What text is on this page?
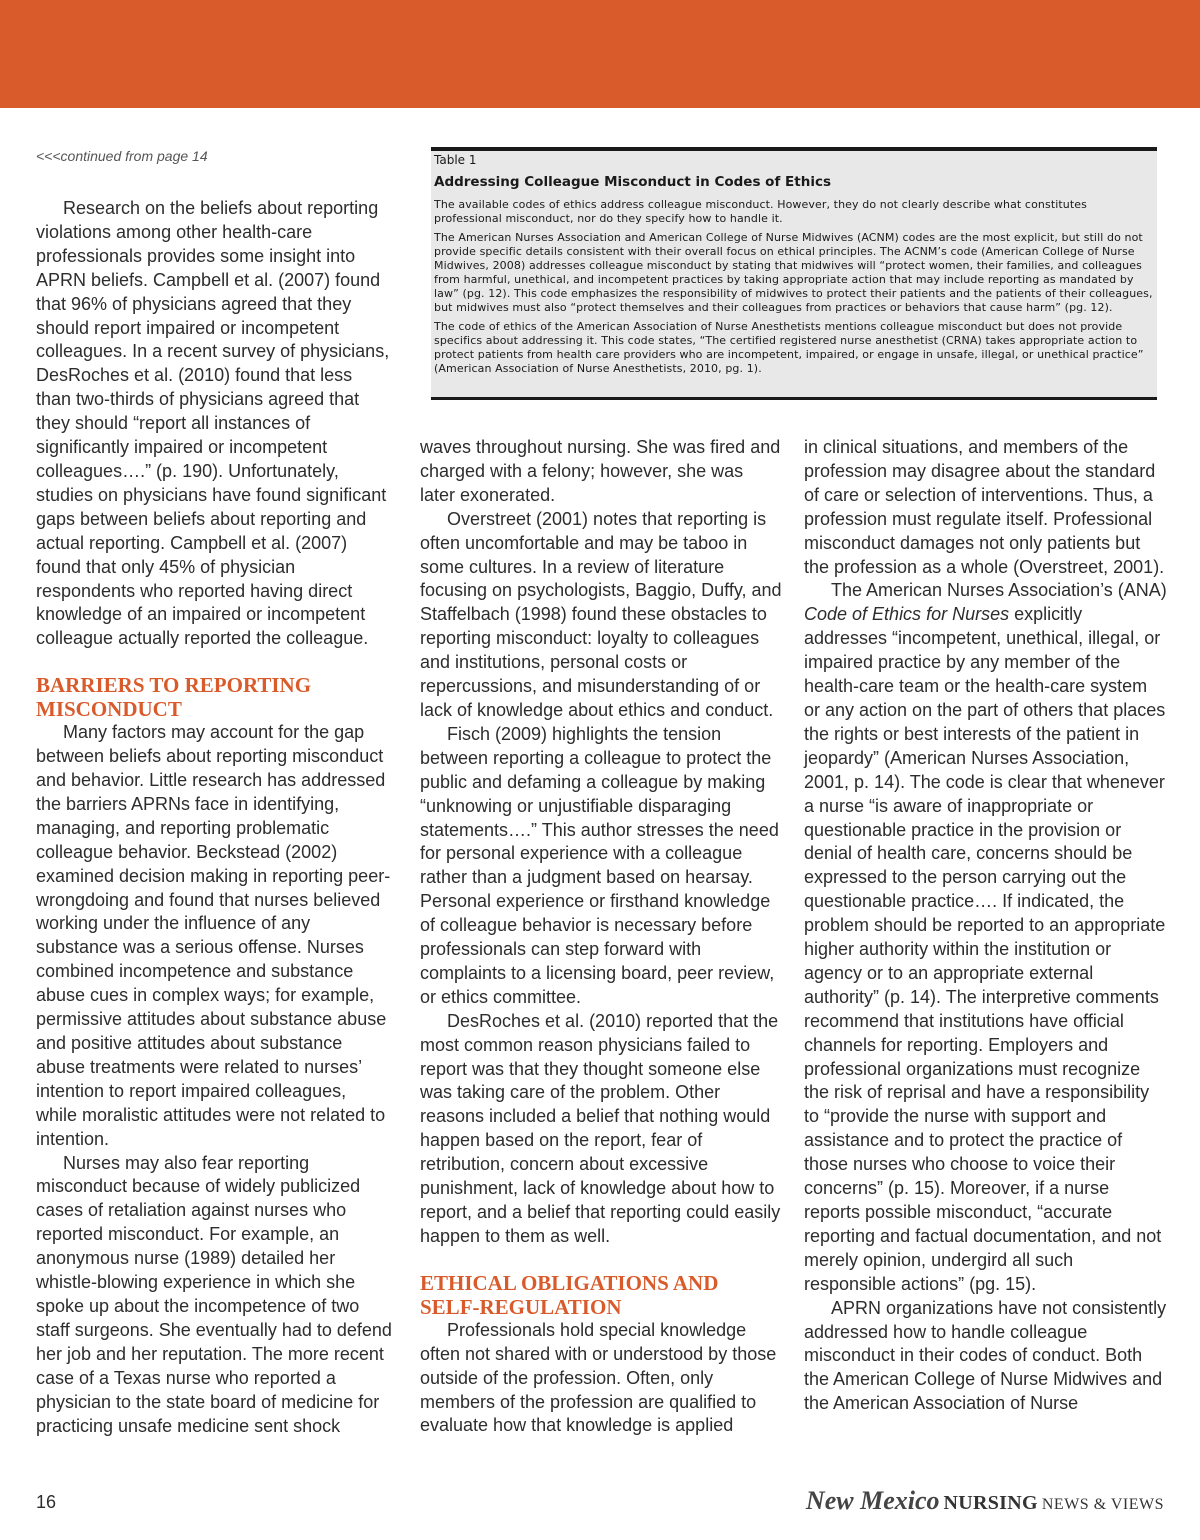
<<<continued from page 14	Table 1
Addressing Colleague Misconduct in Codes of Ethics
The available codes of ethics address colleague misconduct. However, they do not clearly describe what constitutes professional misconduct, nor do they specify how to handle it.
The American Nurses Association and American College of Nurse Midwives (ACNM) codes are the most explicit, but still do not provide specific details consistent with their overall focus on ethical principles. The ACNM’s code (American College of Nurse Midwives, 2008) addresses colleague misconduct by stating that midwives will “protect women, their families, and colleagues from harmful, unethical, and incompetent practices by taking appropriate action that may include reporting as mandated by law” (pg. 12). This code emphasizes the responsibility of midwives to protect their patients and the patients of their colleagues, but midwives must also “protect themselves and their colleagues from practices or behaviors that cause harm” (pg. 12).
The code of ethics of the American Association of Nurse Anesthetists mentions colleague misconduct but does not provide specifics about addressing it. This code states, “The certified registered nurse anesthetist (CRNA) takes appropriate action to protect patients from health care providers who are incompetent, impaired, or engage in unsafe, illegal, or unethical practice” (American Association of Nurse Anesthetists, 2010, pg. 1).

Research on the beliefs about reporting violations among other health-care professionals provides some insight into APRN beliefs. Campbell et al. (2007) found that 96% of physicians agreed that they should report impaired or incompetent colleagues. In a recent survey of physicians, DesRoches et al. (2010) found that less than two-thirds of physicians agreed that they should “report all instances of significantly impaired or incompetent colleagues….” (p. 190). Unfortunately, studies on physicians have found significant gaps between beliefs about reporting and actual reporting. Campbell et al. (2007) found that only 45% of physician respondents who reported having direct knowledge of an impaired or incompetent colleague actually reported the colleague.

BARRIERS TO REPORTING MISCONDUCT

Many factors may account for the gap between beliefs about reporting misconduct and behavior. Little research has addressed the barriers APRNs face in identifying, managing, and reporting problematic colleague behavior. Beckstead (2002) examined decision making in reporting peer-wrongdoing and found that nurses believed working under the influence of any substance was a serious offense. Nurses combined incompetence and substance abuse cues in complex ways; for example, permissive attitudes about substance abuse and positive attitudes about substance abuse treatments were related to nurses’ intention to report impaired colleagues, while moralistic attitudes were not related to intention.

Nurses may also fear reporting misconduct because of widely publicized cases of retaliation against nurses who reported misconduct. For example, an anonymous nurse (1989) detailed her whistle-blowing experience in which she spoke up about the incompetence of two staff surgeons. She eventually had to defend her job and her reputation. The more recent case of a Texas nurse who reported a physician to the state board of medicine for practicing unsafe medicine sent shock

waves throughout nursing. She was fired and charged with a felony; however, she was later exonerated.

Overstreet (2001) notes that reporting is often uncomfortable and may be taboo in some cultures. In a review of literature focusing on psychologists, Baggio, Duffy, and Staffelbach (1998) found these obstacles to reporting misconduct: loyalty to colleagues and institutions, personal costs or repercussions, and misunderstanding of or lack of knowledge about ethics and conduct.

Fisch (2009) highlights the tension between reporting a colleague to protect the public and defaming a colleague by making “unknowing or unjustifiable disparaging statements….” This author stresses the need for personal experience with a colleague rather than a judgment based on hearsay. Personal experience or firsthand knowledge of colleague behavior is necessary before professionals can step forward with complaints to a licensing board, peer review, or ethics committee.

DesRoches et al. (2010) reported that the most common reason physicians failed to report was that they thought someone else was taking care of the problem. Other reasons included a belief that nothing would happen based on the report, fear of retribution, concern about excessive punishment, lack of knowledge about how to report, and a belief that reporting could easily happen to them as well.

ETHICAL OBLIGATIONS AND SELF-REGULATION

Professionals hold special knowledge often not shared with or understood by those outside of the profession. Often, only members of the profession are qualified to evaluate how that knowledge is applied

in clinical situations, and members of the profession may disagree about the standard of care or selection of interventions. Thus, a profession must regulate itself. Professional misconduct damages not only patients but the profession as a whole (Overstreet, 2001).

The American Nurses Association’s (ANA) Code of Ethics for Nurses explicitly addresses “incompetent, unethical, illegal, or impaired practice by any member of the health-care team or the health-care system or any action on the part of others that places the rights or best interests of the patient in jeopardy” (American Nurses Association, 2001, p. 14). The code is clear that whenever a nurse “is aware of inappropriate or questionable practice in the provision or denial of health care, concerns should be expressed to the person carrying out the questionable practice…. If indicated, the problem should be reported to an appropriate higher authority within the institution or agency or to an appropriate external authority” (p. 14). The interpretive comments recommend that institutions have official channels for reporting. Employers and professional organizations must recognize the risk of reprisal and have a responsibility to “provide the nurse with support and assistance and to protect the practice of those nurses who choose to voice their concerns” (p. 15). Moreover, if a nurse reports possible misconduct, “accurate reporting and factual documentation, and not merely opinion, undergird all such responsible actions” (pg. 15).

APRN organizations have not consistently addressed how to handle colleague misconduct in their codes of conduct. Both the American College of Nurse Midwives and the American Association of Nurse

16	New Mexico NURSING NEWS & VIEWS
